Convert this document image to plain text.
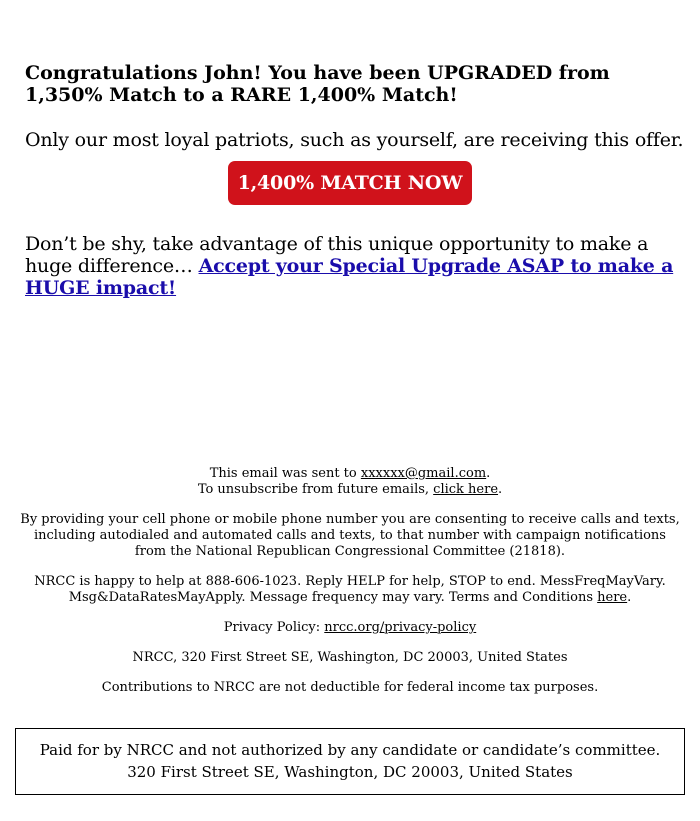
Congratulations John! You have been UPGRADED from 1,350% Match to a RARE 1,400% Match!

Only our most loyal patriots, such as yourself, are receiving this offer.

1,400% MATCH NOW

Don’t be shy, take advantage of this unique opportunity to make a huge difference… Accept your Special Upgrade ASAP to make a HUGE impact!

This email was sent to xxxxxx@gmail.com.
To unsubscribe from future emails, click here.

By providing your cell phone or mobile phone number you are consenting to receive calls and texts, including autodialed and automated calls and texts, to that number with campaign notifications from the National Republican Congressional Committee (21818).

NRCC is happy to help at 888-606-1023. Reply HELP for help, STOP to end. MessFreqMayVary. Msg&DataRatesMayApply. Message frequency may vary. Terms and Conditions here.

Privacy Policy: nrcc.org/privacy-policy

NRCC, 320 First Street SE, Washington, DC 20003, United States

Contributions to NRCC are not deductible for federal income tax purposes.

Paid for by NRCC and not authorized by any candidate or candidate’s committee. 320 First Street SE, Washington, DC 20003, United States
